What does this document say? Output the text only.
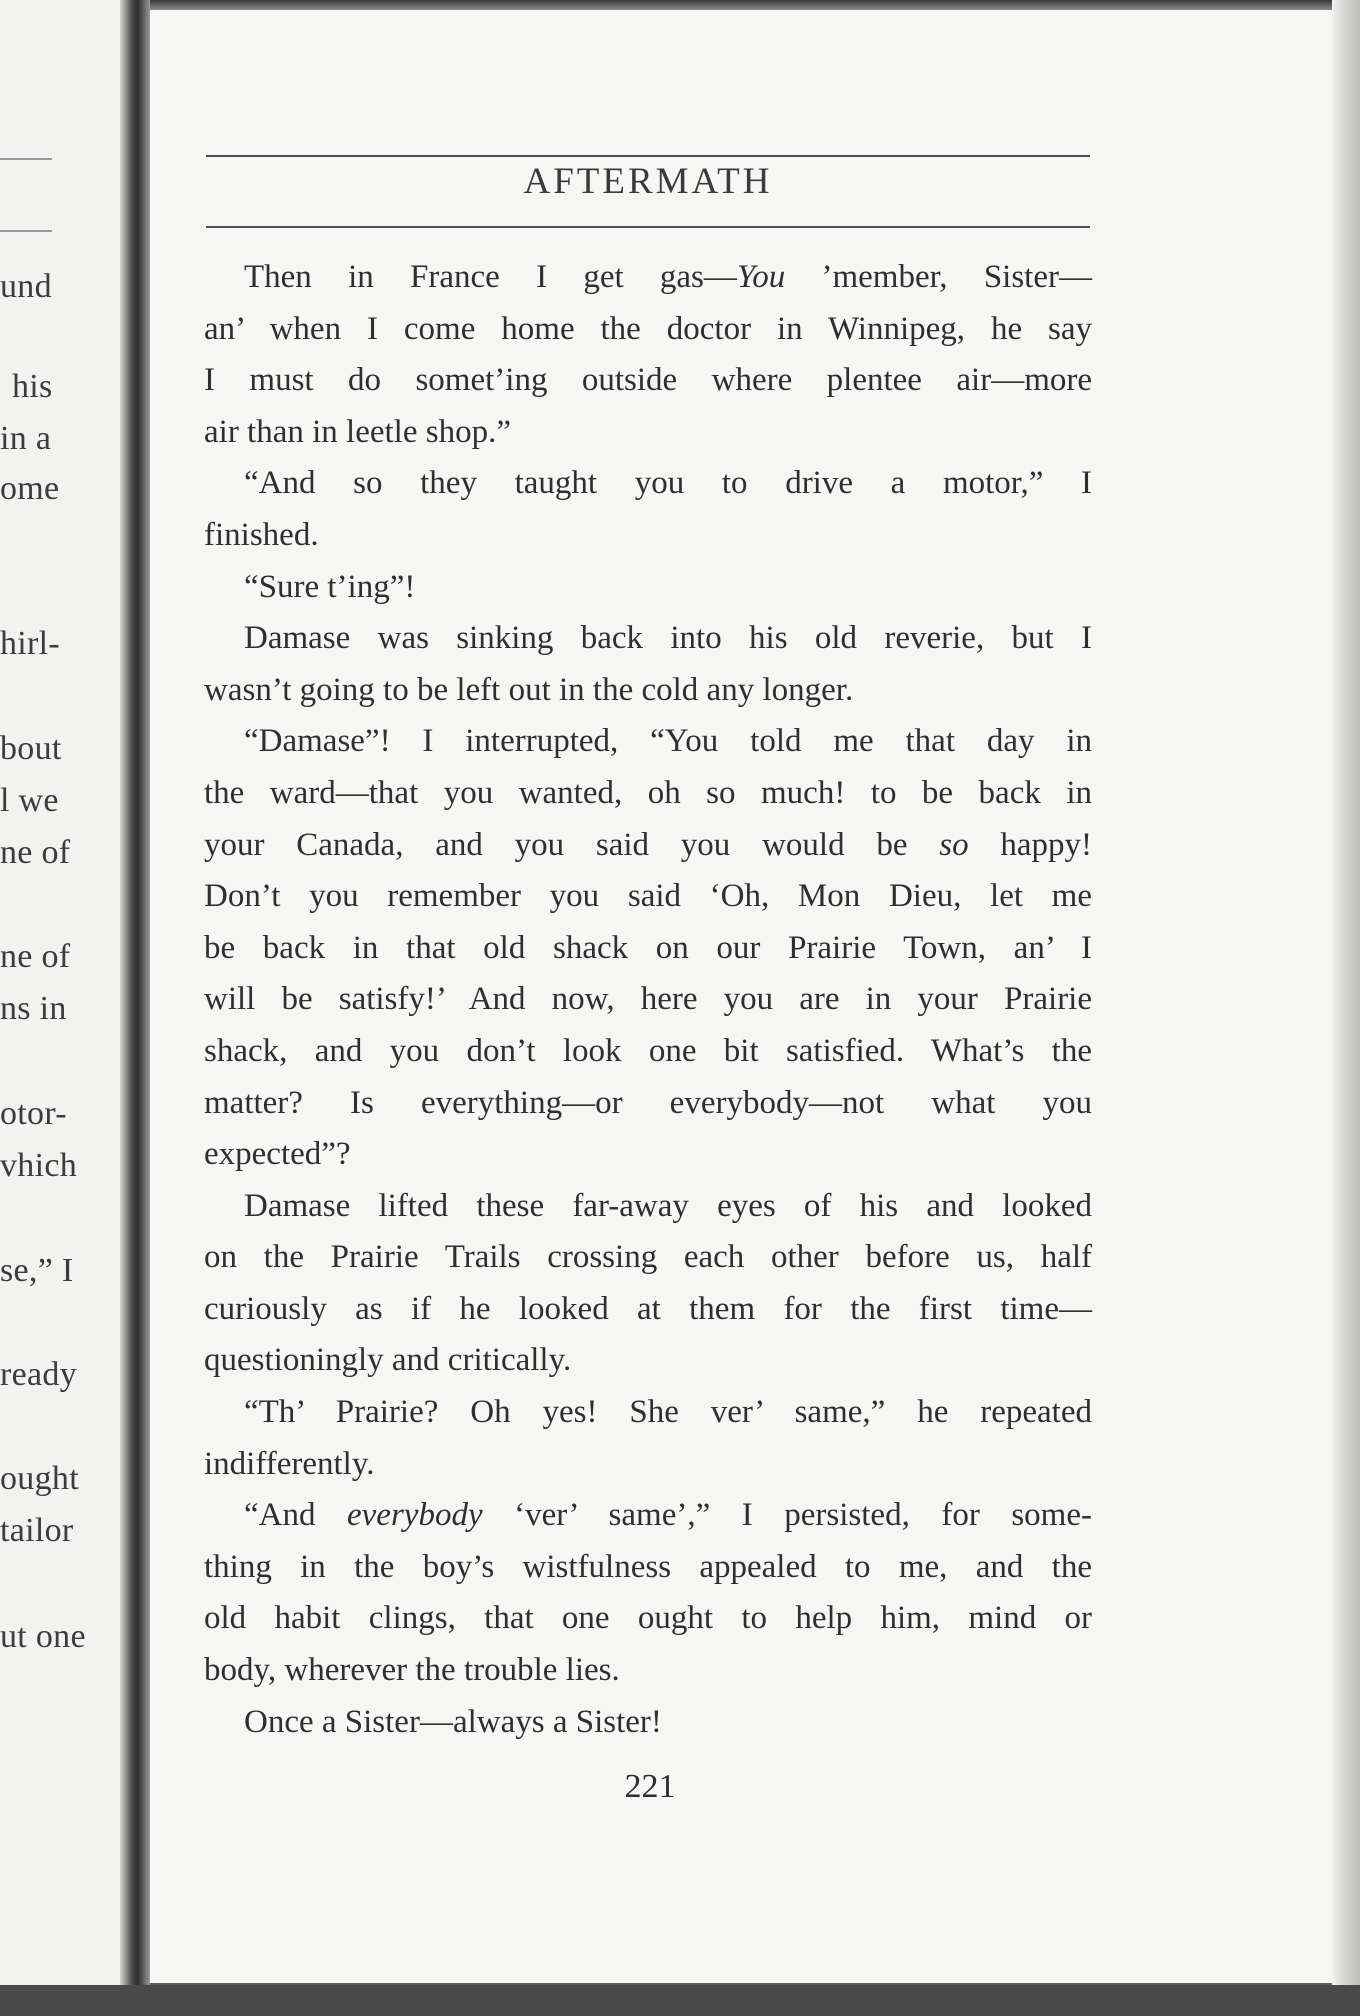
und
his
in a
ome
hirl-
bout
l we
ne of
ne of
ns in
otor-
vhich
se,” I
ready
ought
tailor
ut one
AFTERMATH
Then in France I get gas—You ’member, Sister—
an’ when I come home the doctor in Winnipeg, he say
I must do somet’ing outside where plentee air—more
air than in leetle shop.”
“And so they taught you to drive a motor,” I
finished.
“Sure t’ing”!
Damase was sinking back into his old reverie, but I
wasn’t going to be left out in the cold any longer.
“Damase”! I interrupted, “You told me that day in
the ward—that you wanted, oh so much! to be back in
your Canada, and you said you would be so happy!
Don’t you remember you said ‘Oh, Mon Dieu, let me
be back in that old shack on our Prairie Town, an’ I
will be satisfy!’ And now, here you are in your Prairie
shack, and you don’t look one bit satisfied. What’s the
matter? Is everything—or everybody—not what you
expected”?
Damase lifted these far-away eyes of his and looked
on the Prairie Trails crossing each other before us, half
curiously as if he looked at them for the first time—
questioningly and critically.
“Th’ Prairie? Oh yes! She ver’ same,” he repeated
indifferently.
“And everybody ‘ver’ same’,” I persisted, for some-
thing in the boy’s wistfulness appealed to me, and the
old habit clings, that one ought to help him, mind or
body, wherever the trouble lies.
Once a Sister—always a Sister!
221
